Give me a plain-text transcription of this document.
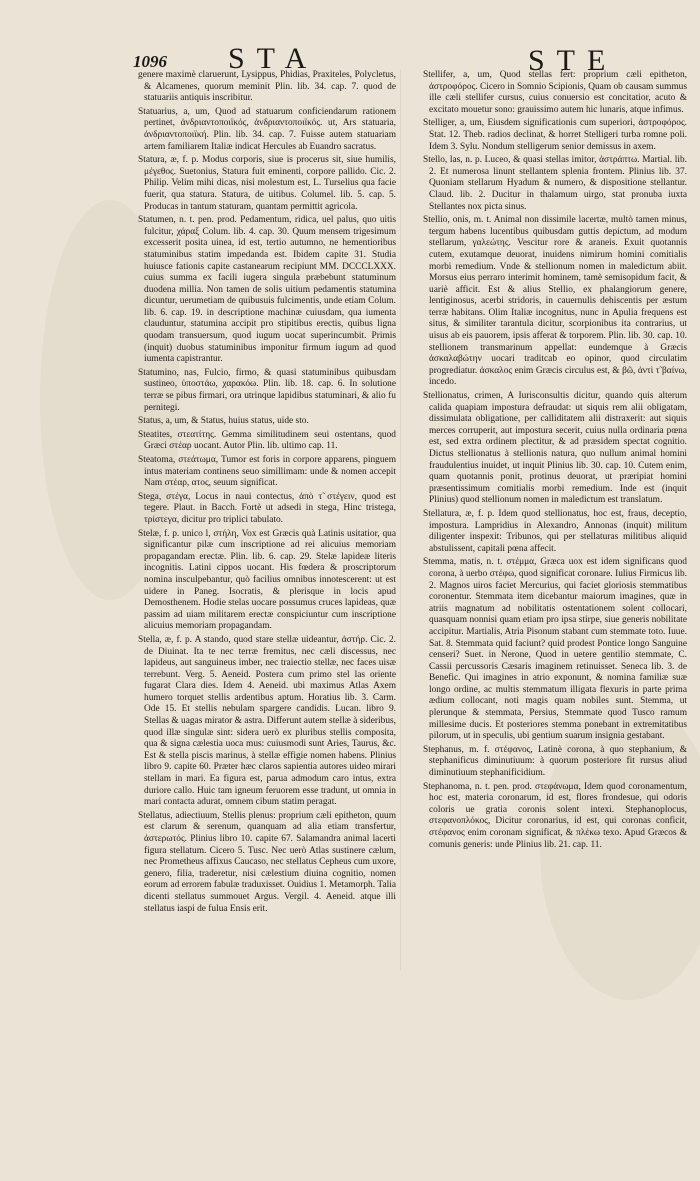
1096 STA	STE

genere maximè claruerunt, Lysippus, Phidias, Praxiteles, Polycletus, & Alcamenes, quorum meminit Plin. lib. 34. cap. 7. quod de statuariis antiquis inscribitur.

Statuarius, a, um, Quod ad statuarum conficiendarum rationem pertinet, ἀνδριαντοποιϊκός, ἀνδριαντοποιϊκός. ut, Ars statuaria, ἀνδριαντοποιϊκή. Plin. lib. 34. cap. 7. Fuisse autem statuariam artem familiarem Italiæ indicat Hercules ab Euandro sacratus.

Statura, æ, f. p. Modus corporis, siue is procerus sit, siue humilis, μέγεθος. Suetonius, Statura fuit eminenti, corpore pallido. Cic. 2. Philip. Velim mihi dicas, nisi molestum est, L. Turselius qua facie fuerit, qua statura. Statura, de uitibus. Columel. lib. 5. cap. 5. Producas in tantum staturam, quantam permittit agricola.

Statumen, n. t. pen. prod. Pedamentum, ridica, uel palus, quo uitis fulcitur, χάραξ Colum. lib. 4. cap. 30. Quum mensem trigesimum excesserit posita uinea, id est, tertio autumno, ne hementioribus statuminibus statim impedanda est. Ibidem capite 31. Studia huiusce fationis capite castanearum recipiunt MM. DCCCLXXX. cuius summa ex facili iugera singula præbebunt statuminum duodena millia. Non tamen de solis uitium pedamentis statumina dicuntur, uerumetiam de quibusuis fulcimentis, unde etiam Colum. lib. 6. cap. 19. in descriptione machinæ cuiusdam, qua iumenta clauduntur, statumina accipit pro stipitibus erectis, quibus ligna quodam transuersum, quod iugum uocat superincumbit. Primis (inquit) duobus statuminibus imponitur firmum iugum ad quod iumenta capistrantur.

Statumino, nas, Fulcio, firmo, & quasi statuminibus quibusdam sustineo, ὑποστάω, χαρακόω. Plin. lib. 18. cap. 6. In solutione terræ se pibus firmari, ora utrinque lapidibus statuminari, & alio fu pernitegi.

Status, a, um, & Status, huius status, uide sto.

Steatites, στεατίτης. Gemma similitudinem seui ostentans, quod Græci στέαρ uocant. Autor Plin. lib. ultimo cap. 11.

Steatoma, στεάτωμα, Tumor est foris in corpore apparens, pinguem intus materiam continens seuo simillimam: unde & nomen accepit Nam στέαρ, ατος, seuum significat.

Stega, στέγα, Locus in naui contectus, ἀπὸ τ̃ στέγειν, quod est tegere. Plaut. in Bacch. Fortè ut adsedi in stega, Hinc tristega, τρίστεγα, dicitur pro triplici tabulato.

Stelæ, f. p. unico l, στήλη, Vox est Græcis quà Latinis usitatior, qua significantur pilæ cum inscriptione ad rei alicuius memoriam propagandam erectæ. Plin. lib. 6. cap. 29. Stelæ lapideæ literis incognitis. Latini cippos uocant. His fœdera & proscriptorum nomina insculpebantur, quò facilius omnibus innotescerent: ut est uidere in Paneg. Isocratis, & plerisque in locis apud Demosthenem. Hodie stelas uocare possumus cruces lapideas, quæ passim ad uiam militarem erectæ conspiciuntur cum inscriptione alicuius memoriam propagandam.

Stella, æ, f. p. A stando, quod stare stellæ uideantur, ἀστήρ. Cic. 2. de Diuinat. Ita te nec terræ fremitus, nec cæli discessus, nec lapideus, aut sanguineus imber, nec traiectio stellæ, nec faces uisæ terrebunt. Verg. 5. Aeneid. Postera cum primo stel las oriente fugarat Clara dies. Idem 4. Aeneid. ubi maximus Atlas Axem humero torquet stellis ardentibus aptum. Horatius lib. 3. Carm. Ode 15. Et stellis nebulam spargere candidis. Lucan. libro 9. Stellas & uagas mirator & astra. Differunt autem stellæ à sideribus, quod illæ singulæ sint: sidera uerò ex pluribus stellis composita, qua & signa cælestia uoca mus: cuiusmodi sunt Aries, Taurus, &c. Est & stella piscis marinus, à stellæ effigie nomen habens. Plinius libro 9. capite 60. Præter hæc claros sapientia autores uideo mirari stellam in mari. Ea figura est, parua admodum caro intus, extra duriore callo. Huic tam igneum feruorem esse tradunt, ut omnia in mari contacta adurat, omnem cibum statim peragat.

Stellatus, adiectiuum, Stellis plenus: proprium cæli epitheton, quum est clarum & serenum, quanquam ad alia etiam transfertur, ἀστερωτός. Plinius libro 10. capite 67. Salamandra animal lacerti figura stellatum. Cicero 5. Tusc. Nec uerò Atlas sustinere cælum, nec Prometheus affixus Caucaso, nec stellatus Cepheus cum uxore, genero, filia, traderetur, nisi cælestium diuina cognitio, nomen eorum ad errorem fabulæ traduxisset. Ouidius 1. Metamorph. Talia dicenti stellatus summouet Argus. Vergil. 4. Aeneid. atque illi stellatus iaspi de fulua Ensis erit.

Stellifer, a, um, Quod stellas fert: proprium cæli epitheton, ἀστροφόρος. Cicero in Somnio Scipionis, Quam ob causam summus ille cæli stellifer cursus, cuius conuersio est concitatior, acuto & excitato mouetur sono: grauissimo autem hic lunaris, atque infimus.

Stelliger, a, um, Eiusdem significationis cum superiori, ἀστροφόρος. Stat. 12. Theb. radios declinat, & horret Stelligeri turba romne poli. Idem 3. Sylu. Nondum stelligerum senior demissus in axem.

Stello, las, n. p. Luceo, & quasi stellas imitor, ἀστράπτω. Martial. lib. 2. Et numerosa linunt stellantem splenia frontem. Plinius lib. 37. Quoniam stellarum Hyadum & numero, & dispositione stellantur. Claud. lib. 2. Ducitur in thalamum uirgo, stat pronuba iuxta Stellantes nox picta sinus.

Stellio, onis, m. t. Animal non dissimile lacertæ, multò tamen minus, tergum habens lucentibus quibusdam guttis depictum, ad modum stellarum, γαλεώτης. Vescitur rore & araneis. Exuit quotannis cutem, exutamque deuorat, inuidens nimirum homini comitialis morbi remedium. Vnde & stellionum nomen in maledictum abiit. Morsus eius perraro interimit hominem, tamè semisopidum facit, & uariè afficit. Est & alius Stellio, ex phalangiorum genere, lentiginosus, acerbi stridoris, in cauernulis dehiscentis per æstum terræ habitans. Olim Italiæ incognitus, nunc in Apulia frequens est situs, & similiter tarantula dicitur, scorpionibus ita contrarius, ut uisus ab eis pauorem, ipsis afferat & torporem. Plin. lib. 30. cap. 10. stellionem transmarinum appellat: eundemque à Græcis ἀσκαλαβώτην uocari traditcab eo opinor, quod circulatim progrediatur. ἀσκαλος enim Græcis circulus est, & βῶ, ἀντὶ τ̃ βαίνω, incedo.

Stellionatus, crimen, A Iurisconsultis dicitur, quando quis alterum calida quapiam impostura defraudat: ut siquis rem alii obligatam, dissimulata obligatione, per calliditatem alii distraxerit: aut siquis merces corruperit, aut impostura secerit, cuius nulla ordinaria pœna est, sed extra ordinem plectitur, & ad præsidem spectat cognitio. Dictus stellionatus à stellionis natura, quo nullum animal homini fraudulentius inuidet, ut inquit Plinius lib. 30. cap. 10. Cutem enim, quam quotannis ponit, protinus deuorat, ut præripiat homini præsentissimum comitialis morbi remedium. Inde est (inquit Plinius) quod stellionum nomen in maledictum est translatum.

Stellatura, æ, f. p. Idem quod stellionatus, hoc est, fraus, deceptio, impostura. Lampridius in Alexandro, Annonas (inquit) militum diligenter inspexit: Tribunos, qui per stellaturas militibus aliquid abstulissent, capitali pœna affecit.

Stemma, matis, n. t. στέμμα, Græca uox est idem significans quod corona, à uerbo στέφω, quod significat coronare. Iulius Firmicus lib. 2. Magnos uiros faciet Mercurius, qui faciet gloriosis stemmatibus coronentur. Stemmata item dicebantur maiorum imagines, quæ in atriis magnatum ad nobilitatis ostentationem solent collocari, quasquam nonnisi quam etiam pro ipsa stirpe, siue generis nobilitate accipitur. Martialis, Atria Pisonum stabant cum stemmate toto. Iuue. Sat. 8. Stemmata quid faciunt? quid prodest Pontice longo Sanguine censeri? Suet. in Nerone, Quod in uetere gentilio stemmate, C. Cassii percussoris Cæsaris imaginem retinuisset. Seneca lib. 3. de Benefic. Qui imagines in atrio exponunt, & nomina familiæ suæ longo ordine, ac multis stemmatum illigata flexuris in parte prima ædium collocant, noti magis quam nobiles sunt. Stemma, ut plerunque & stemmata, Persius, Stemmate quod Tusco ramum millesime ducis. Et posteriores stemma ponebant in extremitatibus pilorum, ut in speculis, ubi gentium suarum insignia gestabant.

Stephanus, m. f. στέφανος, Latinè corona, à quo stephanium, & stephanificus diminutiuum: à quorum posteriore fit rursus aliud diminutiuum stephanificidium.

Stephanoma, n. t. pen. prod. στεφάνωμα, Idem quod coronamentum, hoc est, materia coronarum, id est, flores frondesue, qui odoris coloris ue gratia coronis solent intexi. Stephanoplocus, στεφανοπλόκος, Dicitur coronarius, id est, qui coronas conficit, στέφανος enim coronam significat, & πλέκω texo. Apud Græcos & comunis generis: unde Plinius lib. 21. cap. 11.
